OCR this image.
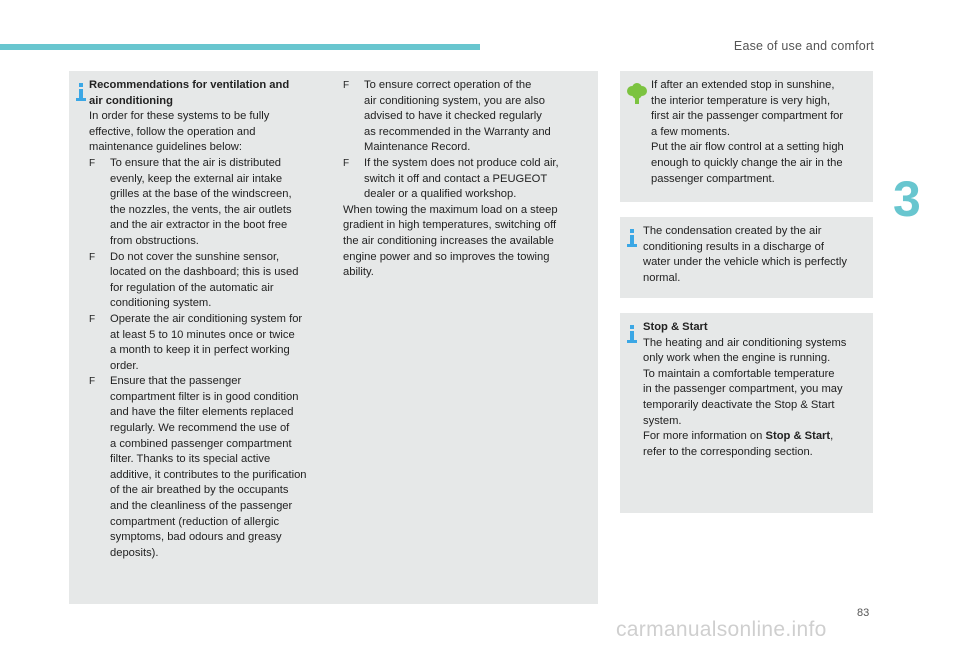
Ease of use and comfort
3

Recommendations for ventilation and

air conditioning

In order for these systems to be fully

effective, follow the operation and

maintenance guidelines below:

F To ensure that the air is distributed

evenly, keep the external air intake

grilles at the base of the windscreen,

the nozzles, the vents, the air outlets

and the air extractor in the boot free

from obstructions.

F Do not cover the sunshine sensor,

located on the dashboard; this is used

for regulation of the automatic air

conditioning system.

F Operate the air conditioning system for

at least 5 to 10 minutes once or twice

a month to keep it in perfect working

order.

F Ensure that the passenger

compartment filter is in good condition

and have the filter elements replaced

regularly. We recommend the use of

a combined passenger compartment

filter. Thanks to its special active

additive, it contributes to the purification

of the air breathed by the occupants

and the cleanliness of the passenger

compartment (reduction of allergic

symptoms, bad odours and greasy

deposits).

F To ensure correct operation of the

air conditioning system, you are also

advised to have it checked regularly

as recommended in the Warranty and

Maintenance Record.

F If the system does not produce cold air,

switch it off and contact a PEUGEOT

dealer or a qualified workshop.

When towing the maximum load on a steep

gradient in high temperatures, switching off

the air conditioning increases the available

engine power and so improves the towing

ability.

If after an extended stop in sunshine,

the interior temperature is very high,

first air the passenger compartment for

a few moments.

Put the air flow control at a setting high

enough to quickly change the air in the

passenger compartment.

The condensation created by the air

conditioning results in a discharge of

water under the vehicle which is perfectly

normal.

Stop & Start

The heating and air conditioning systems

only work when the engine is running.

To maintain a comfortable temperature

in the passenger compartment, you may

temporarily deactivate the Stop & Start

system.

For more information on Stop & Start,

refer to the corresponding section.

83
carmanualsonline.info
